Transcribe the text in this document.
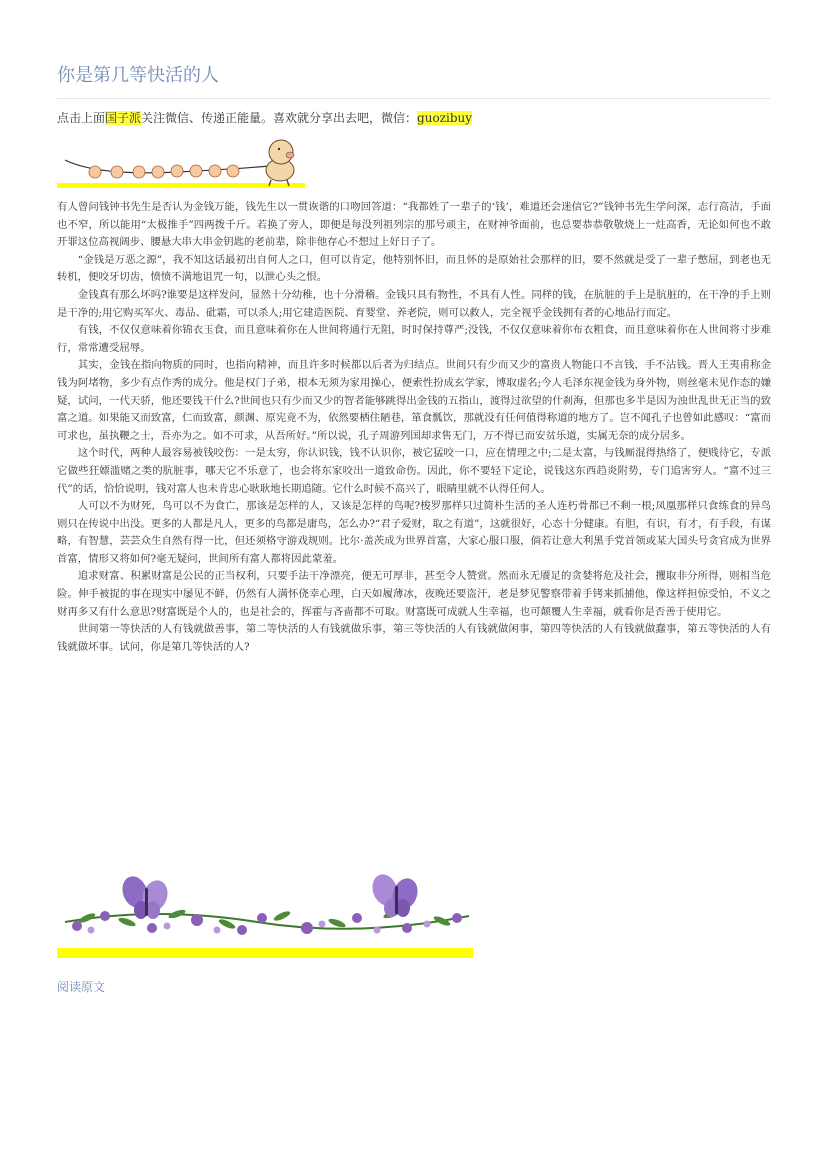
你是第几等快活的人
点击上面国子派关注微信、传递正能量。喜欢就分享出去吧，微信：guozibuy

有人曾问钱钟书先生是否认为金钱万能，钱先生以一贯诙谐的口吻回答道：“我都姓了一辈子的‘钱’，难道还会迷信它?”钱钟书先生学问深，志行高洁，手面也不窄，所以能用“太极推手”四两拨千斤。若换了旁人，即便是每没列祖列宗的那号顽主，在财神爷面前，也总要恭恭敬敬烧上一炷高香，无论如何也不敢开罪这位高视阔步、腰悬大串大串金钥匙的老前辈，除非他存心不想过上好日子了。

“金钱是万恶之源”，我不知这话最初出自何人之口，但可以肯定，他特别怀旧，而且怀的是原始社会那样的旧，要不然就是受了一辈子憋屈，到老也无转机，便咬牙切齿，愤愤不满地诅咒一句，以泄心头之恨。

金钱真有那么坏吗?谁要是这样发问，显然十分幼稚，也十分滑稽。金钱只具有物性，不具有人性。同样的钱，在肮脏的手上是肮脏的，在干净的手上则是干净的;用它购买军火、毒品、砒霜，可以杀人;用它建造医院、育婴堂、养老院，则可以救人，完全视乎金钱拥有者的心地品行而定。

有钱，不仅仅意味着你锦衣玉食，而且意味着你在人世间将通行无阻，时时保持尊严;没钱，不仅仅意味着你布衣粗食，而且意味着你在人世间将寸步难行，常常遭受屈辱。

其实，金钱在指向物质的同时，也指向精神，而且许多时候都以后者为归结点。世间只有少而又少的富贵人物能口不言钱，手不沾钱。晋人王夷甫称金钱为阿堵物，多少有点作秀的成分。他是权门子弟，根本无须为家用操心，便索性扮成玄学家，博取虚名;今人毛泽东视金钱为身外物，则丝毫未见作态的嫌疑，试问，一代天骄，他还要钱干什么?世间也只有少而又少的智者能够跳得出金钱的五指山，渡得过欲望的什刹海，但那也多半是因为浊世乱世无正当的致富之道。如果能又而致富，仁而致富，颜渊、原宪竟不为，依然要栖住陋巷，箪食瓢饮，那就没有任何值得称道的地方了。岂不闻孔子也曾如此感叹：“富而可求也，虽执鞭之士，吾亦为之。如不可求，从吾所好。”所以说，孔子周游列国却求售无门，万不得已而安贫乐道，实属无奈的成分居多。

这个时代，两种人最容易被钱咬伤：一是太穷，你认识钱，钱不认识你，被它猛咬一口，应在情理之中;二是太富，与钱厮混得热络了，便贱待它，专派它做些狂嫖滥赌之类的肮脏事，哪天它不乐意了，也会将东家咬出一道致命伤。因此，你不要轻下定论，说钱这东西趋炎附势，专门追害穷人。“富不过三代”的话，恰恰说明，钱对富人也未肯忠心耿耿地长期追随。它什么时候不高兴了，眼睛里就不认得任何人。

人可以不为财死，鸟可以不为食亡，那该是怎样的人，又该是怎样的鸟呢?梭罗那样只过简朴生活的圣人连朽骨都已不剩一根;凤凰那样只食练食的异鸟则只在传说中出没。更多的人都是凡人，更多的鸟都是庸鸟，怎么办?“君子爱财，取之有道”，这就很好，心态十分健康。有胆，有识，有才，有手段，有谋略，有智慧，芸芸众生自然有得一比，但还须格守游戏规则。比尔·盖茨成为世界首富，大家心服口服，倘若让意大利黑手党首领或某大国头号贪官成为世界首富，情形又将如何?毫无疑问，世间所有富人都将因此蒙羞。

追求财富、积累财富是公民的正当权利，只要手法干净漂亮，便无可厚非，甚至令人赞赏。然而永无餍足的贪婪将危及社会，攫取非分所得，则相当危险。伸手被捉的事在现实中屡见不鲜，仍然有人满怀侥幸心理，白天如履薄冰，夜晚还要盗汗，老是梦见警察带着手铐来抓捕他，像这样担惊受怕，不义之财再多又有什么意思?财富既是个人的，也是社会的，挥霍与吝啬都不可取。财富既可成就人生幸福，也可颠覆人生幸福，就看你是否善于使用它。

世间第一等快活的人有钱就做善事，第二等快活的人有钱就做乐事，第三等快活的人有钱就做闲事，第四等快活的人有钱就做蠢事，第五等快活的人有钱就做坏事。试问，你是第几等快活的人?

阅读原文
